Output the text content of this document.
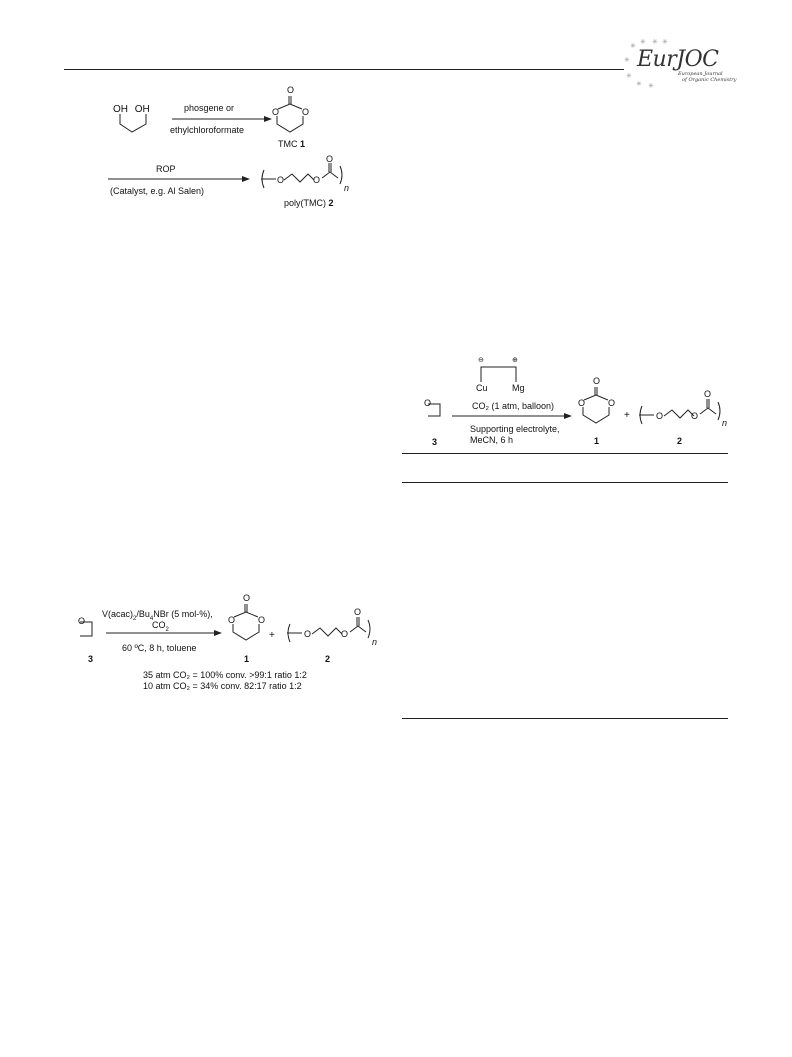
✳
✳ ✳
✳
✳
✳ ✳
✳
EurJOC
European Journal
of Organic Chemistry
OH OH	phosgene or
ethylchloroformate
O
O	O
TMC 1
ROP
(Catalyst, e.g. Al Salen)
O
O	O
n
poly(TMC) 2
$V(acac)_2/Bu_4NBr$ (5 mol-%),
$CO_2$
O
3
60 ºC, 8 h, toluene
O
O	O
1
+
O
O	O
n
2
35 atm CO₂ = 100% conv. >99:1 ratio 1:2
10 atm CO₂ = 34% conv. 82:17 ratio 1:2
⊖	⊕
Cu	Mg
O
3
CO₂ (1 atm, balloon)
Supporting electrolyte,
MeCN, 6 h
O
O	O
1
+
O
O	O
n
2
